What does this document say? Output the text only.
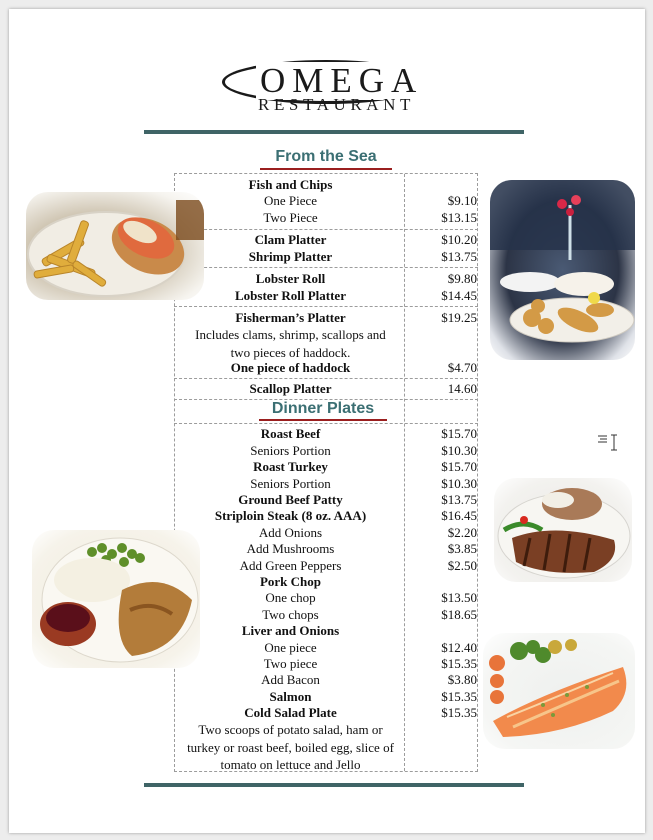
OMEGA
RESTAURANT
From the Sea
Fish and Chips
One Piece	$9.10
Two Piece	$13.15
Clam Platter	$10.20
Shrimp Platter	$13.75
Lobster Roll	$9.80
Lobster Roll Platter	$14.45
Fisherman’s Platter	$19.25
Includes clams, shrimp, scallops and two pieces of haddock.
One piece of haddock	$4.70
Scallop Platter	14.60
Dinner Plates
Roast Beef	$15.70
Seniors Portion	$10.30
Roast Turkey	$15.70
Seniors Portion	$10.30
Ground Beef Patty	$13.75
Striploin Steak (8 oz. AAA)	$16.45
Add Onions	$2.20
Add Mushrooms	$3.85
Add Green Peppers	$2.50
Pork Chop
One chop	$13.50
Two chops	$18.65
Liver and Onions
One piece	$12.40
Two piece	$15.35
Add Bacon	$3.80
Salmon	$15.35
Cold Salad Plate	$15.35
Two scoops of potato salad, ham or turkey or roast beef, boiled egg, slice of tomato on lettuce and Jello
